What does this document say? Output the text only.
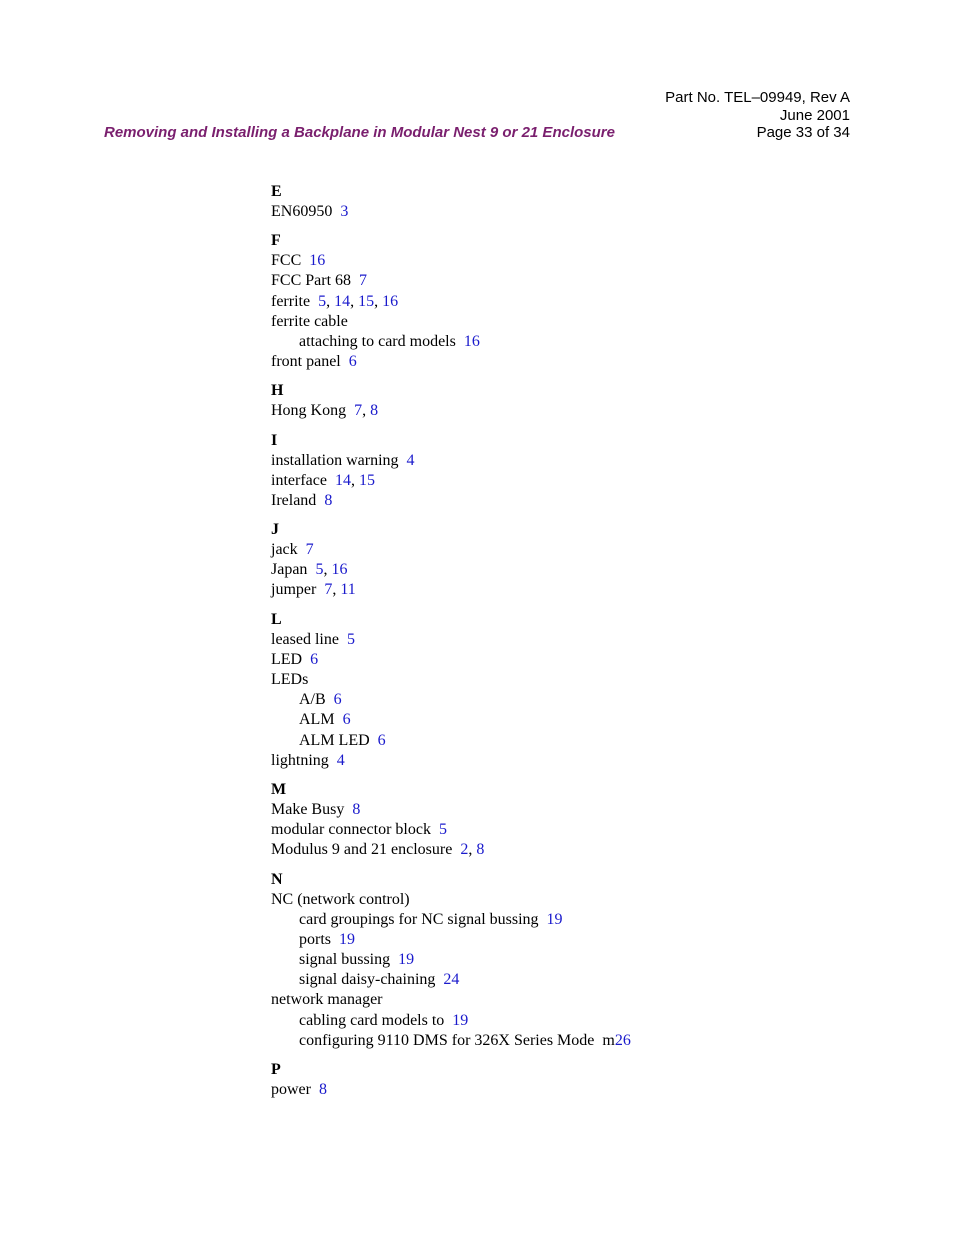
Removing and Installing a Backplane in Modular Nest 9 or 21 Enclosure
Part No. TEL–09949, Rev A
June 2001
Page 33 of 34
E
EN60950 3
F
FCC 16
FCC Part 68 7
ferrite 5, 14, 15, 16
ferrite cable
attaching to card models 16
front panel 6
H
Hong Kong 7, 8
I
installation warning 4
interface 14, 15
Ireland 8
J
jack 7
Japan 5, 16
jumper 7, 11
L
leased line 5
LED 6
LEDs
A/B 6
ALM 6
ALM LED 6
lightning 4
M
Make Busy 8
modular connector block 5
Modulus 9 and 21 enclosure 2, 8
N
NC (network control)
card groupings for NC signal bussing 19
ports 19
signal bussing 19
signal daisy-chaining 24
network manager
cabling card models to 19
configuring 9110 DMS for 326X Series Mode m26
P
power 8
